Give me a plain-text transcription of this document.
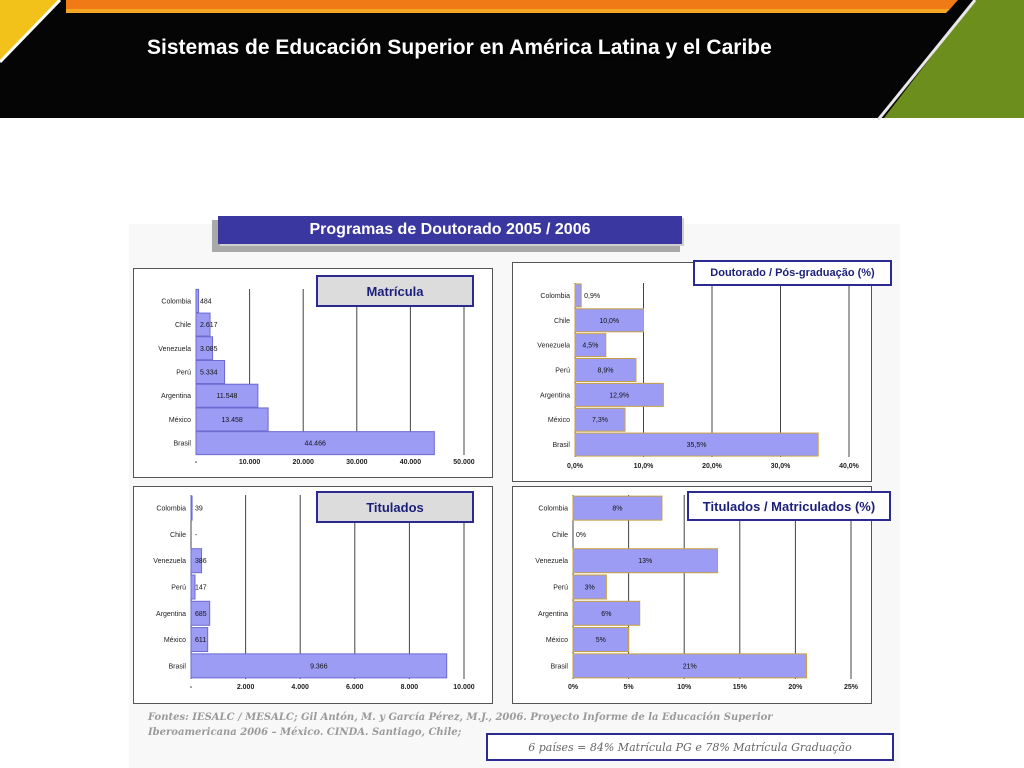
Sistemas de Educación Superior en América Latina y el Caribe
Programas de Doutorado 2005 / 2006
-	10.000	20.000	30.000	40.000	50.000
Colombia 484
Chile 2.617
Venezuela 3.085
Perú 5.334
Argentina	11.548
México	13.458
Brasil	44.466
Matrícula
0,0%	10,0%	20,0%	30,0%	40,0%
Colombia 0,9%
Chile	10,0%
Venezuela 4,5%
Perú	8,9%
Argentina	12,9%
México	7,3%
Brasil	35,5%
Doutorado / Pós-graduação (%)
-	2.000	4.000	6.000	8.000	10.000
Colombia 39
Chile -
Venezuela 386
Perú 147
Argentina 685
México 611
Brasil	9.366
Titulados
0%	5%	10%	15%	20%	25%
Colombia	8%
Chile 0%
Venezuela	13%
Perú 3%
Argentina	6%
México	5%
Brasil	21%
Titulados / Matriculados (%)
Fontes: IESALC / MESALC; Gil Antón, M. y García Pérez, M.J., 2006. Proyecto Informe de la Educación Superior
Iberoamericana 2006 – México. CINDA. Santiago, Chile;
6 países = 84% Matrícula PG e 78% Matrícula Graduação
